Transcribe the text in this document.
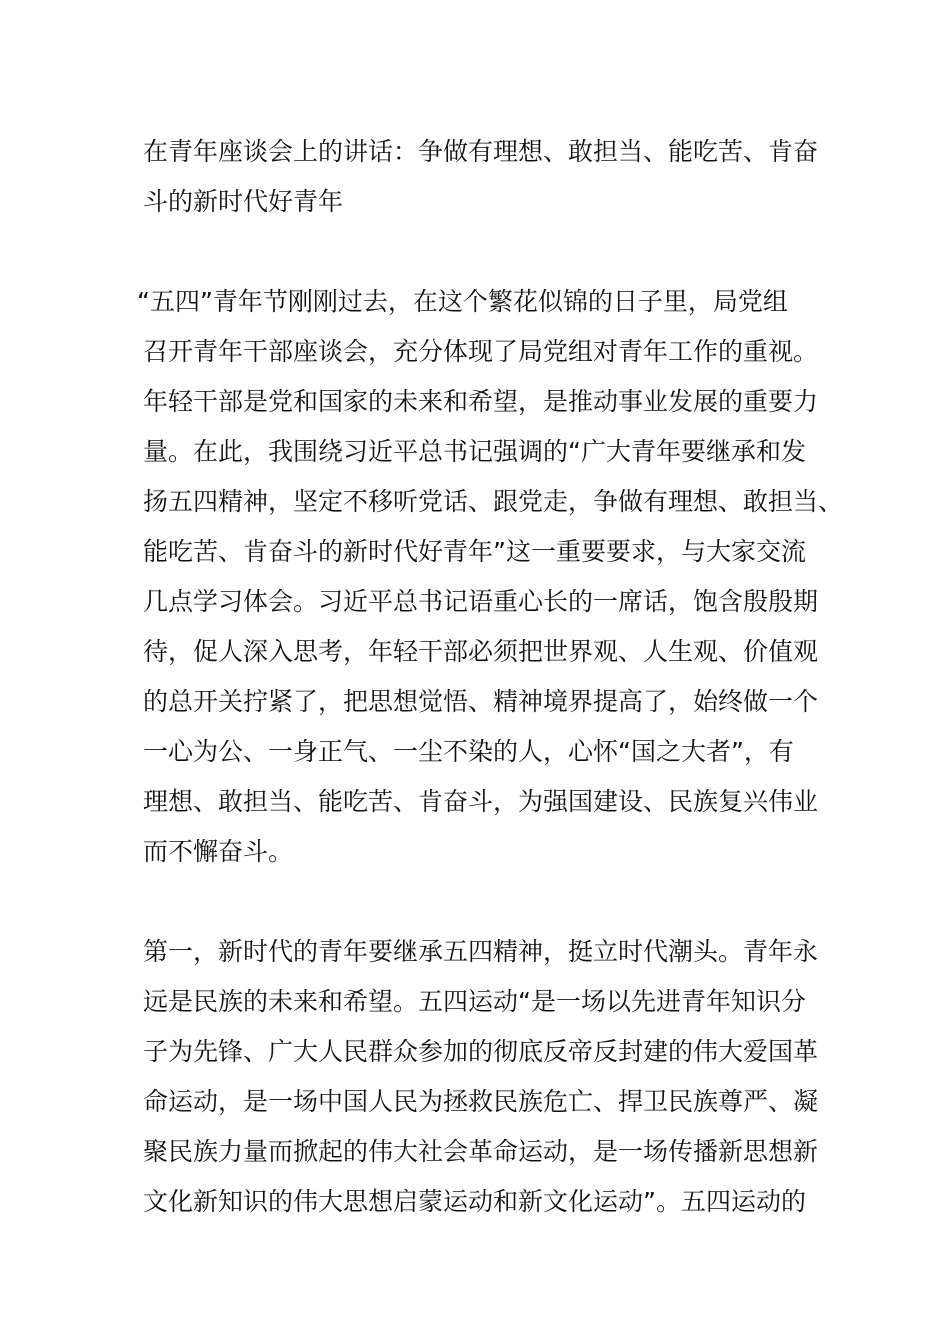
在青年座谈会上的讲话：争做有理想、敢担当、能吃苦、肯奋
斗的新时代好青年
“五四”青年节刚刚过去，在这个繁花似锦的日子里，局党组
召开青年干部座谈会，充分体现了局党组对青年工作的重视。
年轻干部是党和国家的未来和希望，是推动事业发展的重要力
量。在此，我围绕习近平总书记强调的“广大青年要继承和发
扬五四精神，坚定不移听党话、跟党走，争做有理想、敢担当、
能吃苦、肯奋斗的新时代好青年”这一重要要求，与大家交流
几点学习体会。习近平总书记语重心长的一席话，饱含殷殷期
待，促人深入思考，年轻干部必须把世界观、人生观、价值观
的总开关拧紧了，把思想觉悟、精神境界提高了，始终做一个
一心为公、一身正气、一尘不染的人，心怀“国之大者”，有
理想、敢担当、能吃苦、肯奋斗，为强国建设、民族复兴伟业
而不懈奋斗。
第一，新时代的青年要继承五四精神，挺立时代潮头。青年永
远是民族的未来和希望。五四运动“是一场以先进青年知识分
子为先锋、广大人民群众参加的彻底反帝反封建的伟大爱国革
命运动，是一场中国人民为拯救民族危亡、捍卫民族尊严、凝
聚民族力量而掀起的伟大社会革命运动，是一场传播新思想新
文化新知识的伟大思想启蒙运动和新文化运动”。五四运动的
